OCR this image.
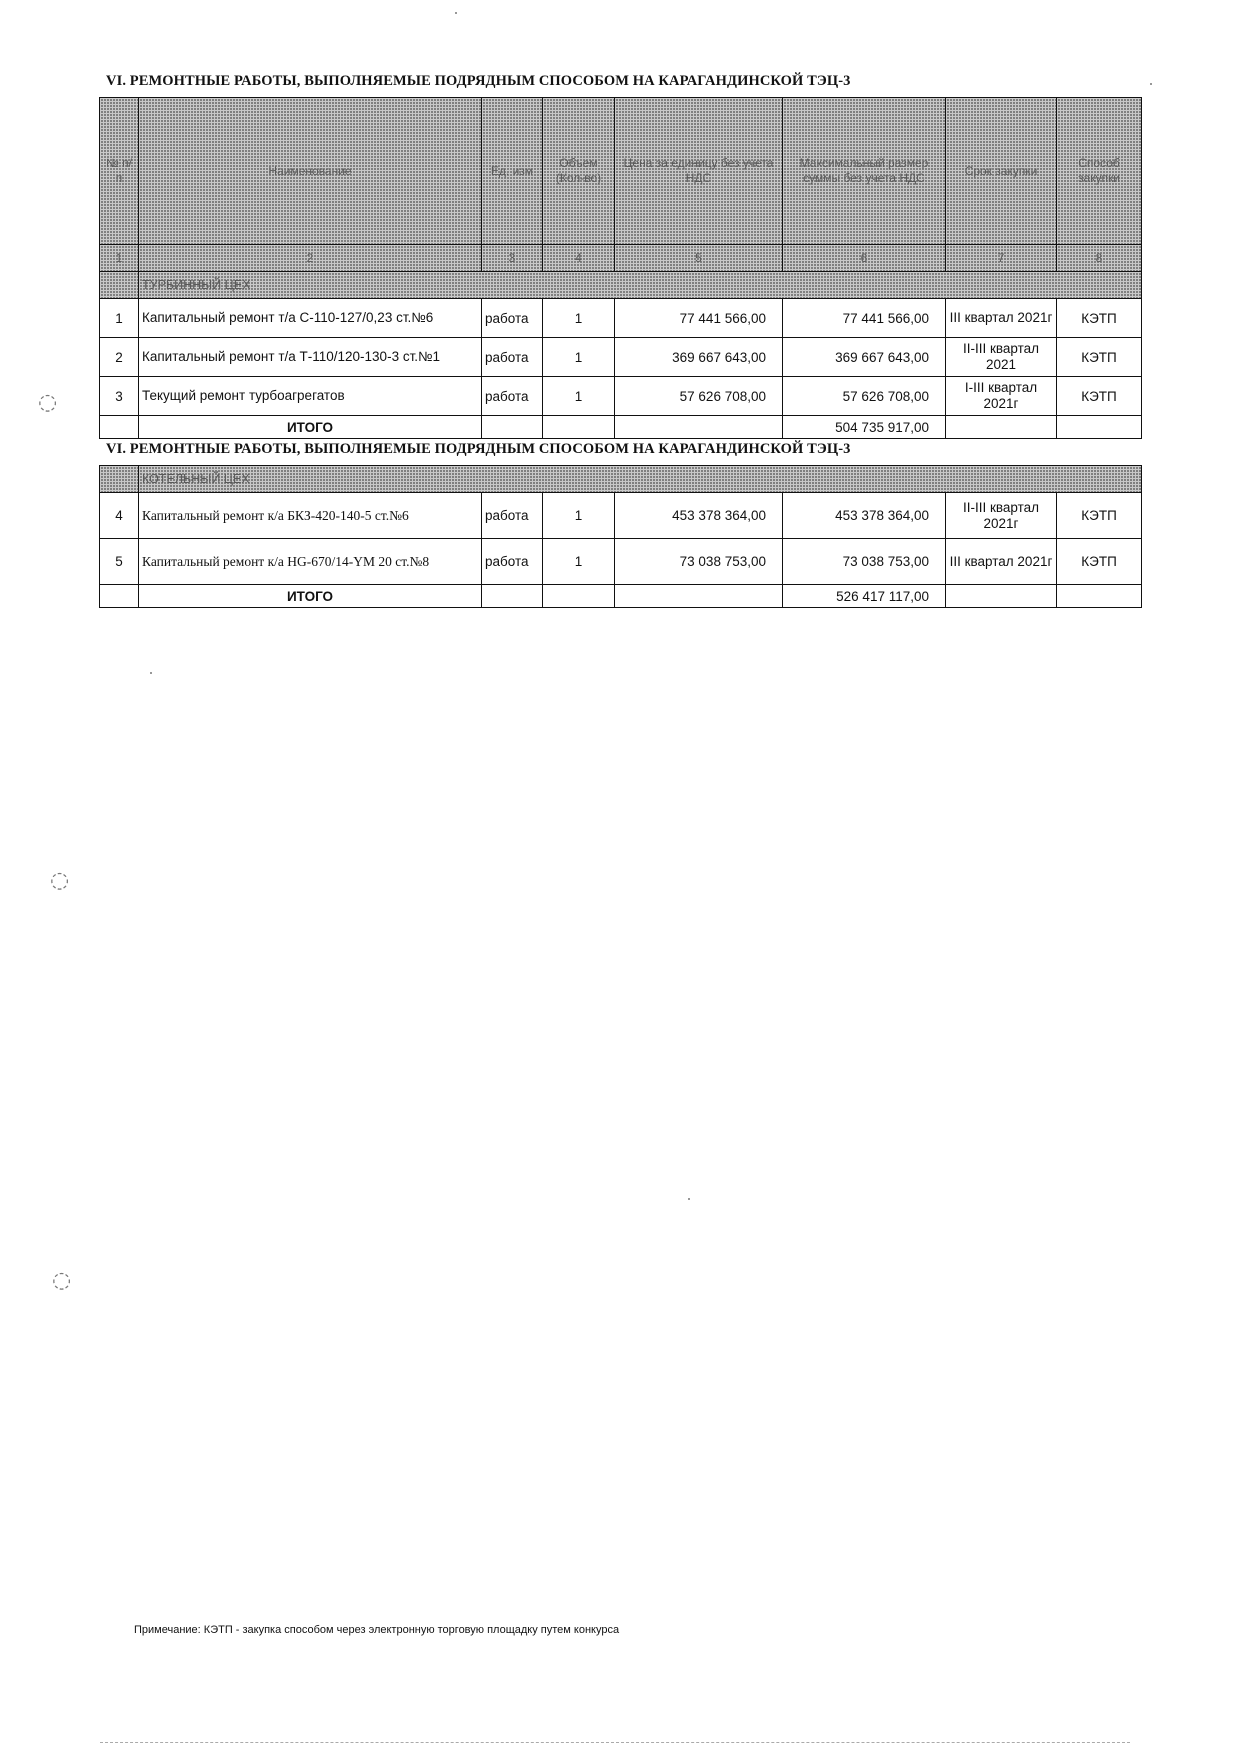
VI. РЕМОНТНЫЕ РАБОТЫ, ВЫПОЛНЯЕМЫЕ ПОДРЯДНЫМ СПОСОБОМ НА КАРАГАНДИНСКОЙ ТЭЦ-3
№ п/п	Наименование	Ед. изм	Объем (Кол-во)	Цена за единицу без учета НДС	Максимальный размер суммы без учета НДС	Срок закупки	Способ закупки
1	2	3	4	5	6	7	8
	ТУРБИННЫЙ ЦЕХ						
1	Капитальный ремонт т/а С-110-127/0,23 ст.№6	работа	1	77 441 566,00	77 441 566,00	III квартал 2021г	КЭТП
2	Капитальный ремонт т/а Т-110/120-130-3 ст.№1	работа	1	369 667 643,00	369 667 643,00	II-III квартал 2021	КЭТП
3	Текущий ремонт турбоагрегатов	работа	1	57 626 708,00	57 626 708,00	I-III квартал 2021г	КЭТП
	ИТОГО				504 735 917,00		
VI. РЕМОНТНЫЕ РАБОТЫ, ВЫПОЛНЯЕМЫЕ ПОДРЯДНЫМ СПОСОБОМ НА КАРАГАНДИНСКОЙ ТЭЦ-3
	КОТЕЛЬНЫЙ ЦЕХ						
4	Капитальный ремонт к/а БКЗ-420-140-5 ст.№6	работа	1	453 378 364,00	453 378 364,00	II-III квартал 2021г	КЭТП
5	Капитальный ремонт к/а HG-670/14-YM 20 ст.№8	работа	1	73 038 753,00	73 038 753,00	III квартал 2021г	КЭТП
	ИТОГО				526 417 117,00		
Примечание: КЭТП - закупка способом через электронную торговую площадку путем конкурса
◌
◌
◌
